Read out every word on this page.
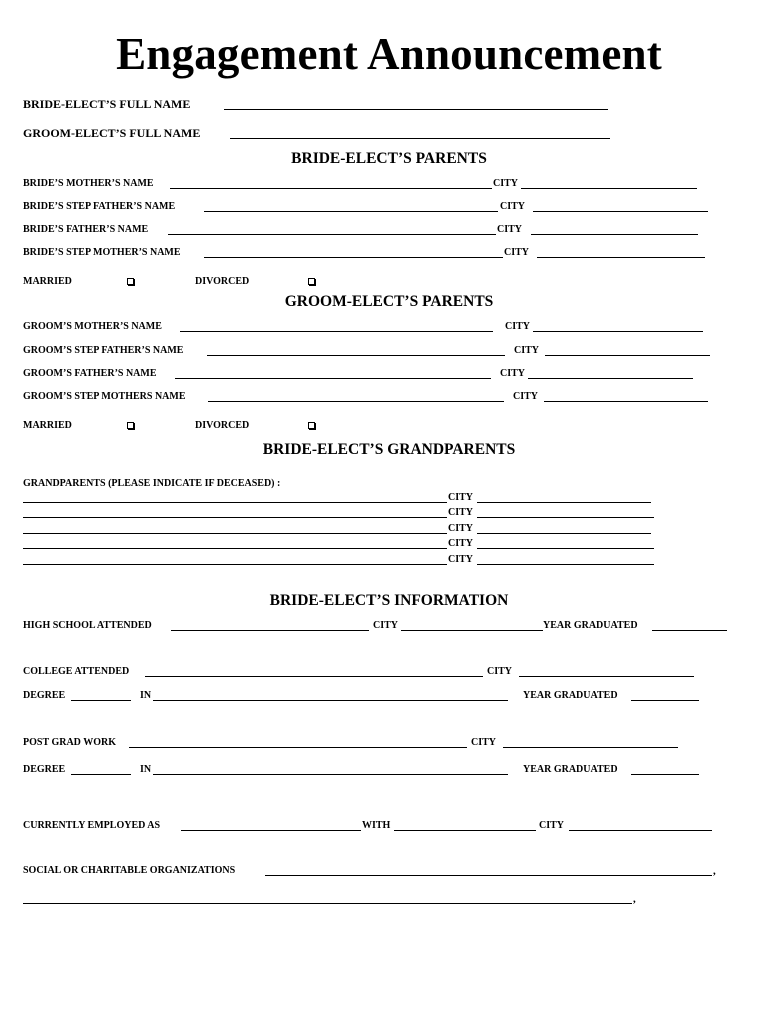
Engagement Announcement
BRIDE-ELECT’S FULL NAME
GROOM-ELECT’S FULL NAME
BRIDE-ELECT’S PARENTS
BRIDE’S MOTHER’S NAME	CITY
BRIDE’S STEP FATHER’S NAME	CITY
BRIDE’S FATHER’S NAME	CITY
BRIDE’S STEP MOTHER’S NAME	CITY
MARRIED	DIVORCED
GROOM-ELECT’S PARENTS
GROOM’S MOTHER’S NAME	CITY
GROOM’S STEP FATHER’S NAME	CITY
GROOM’S FATHER’S NAME	CITY
GROOM’S STEP MOTHERS NAME	CITY
MARRIED	DIVORCED
BRIDE-ELECT’S GRANDPARENTS
GRANDPARENTS (PLEASE INDICATE IF DECEASED) :
CITY
CITY
CITY
CITY
CITY
BRIDE-ELECT’S INFORMATION
HIGH SCHOOL ATTENDED	CITY	YEAR GRADUATED
COLLEGE ATTENDED	CITY
DEGREE	IN	YEAR GRADUATED
POST GRAD WORK	CITY
DEGREE	IN	YEAR GRADUATED
CURRENTLY EMPLOYED AS	WITH	CITY
SOCIAL OR CHARITABLE ORGANIZATIONS	,
,
